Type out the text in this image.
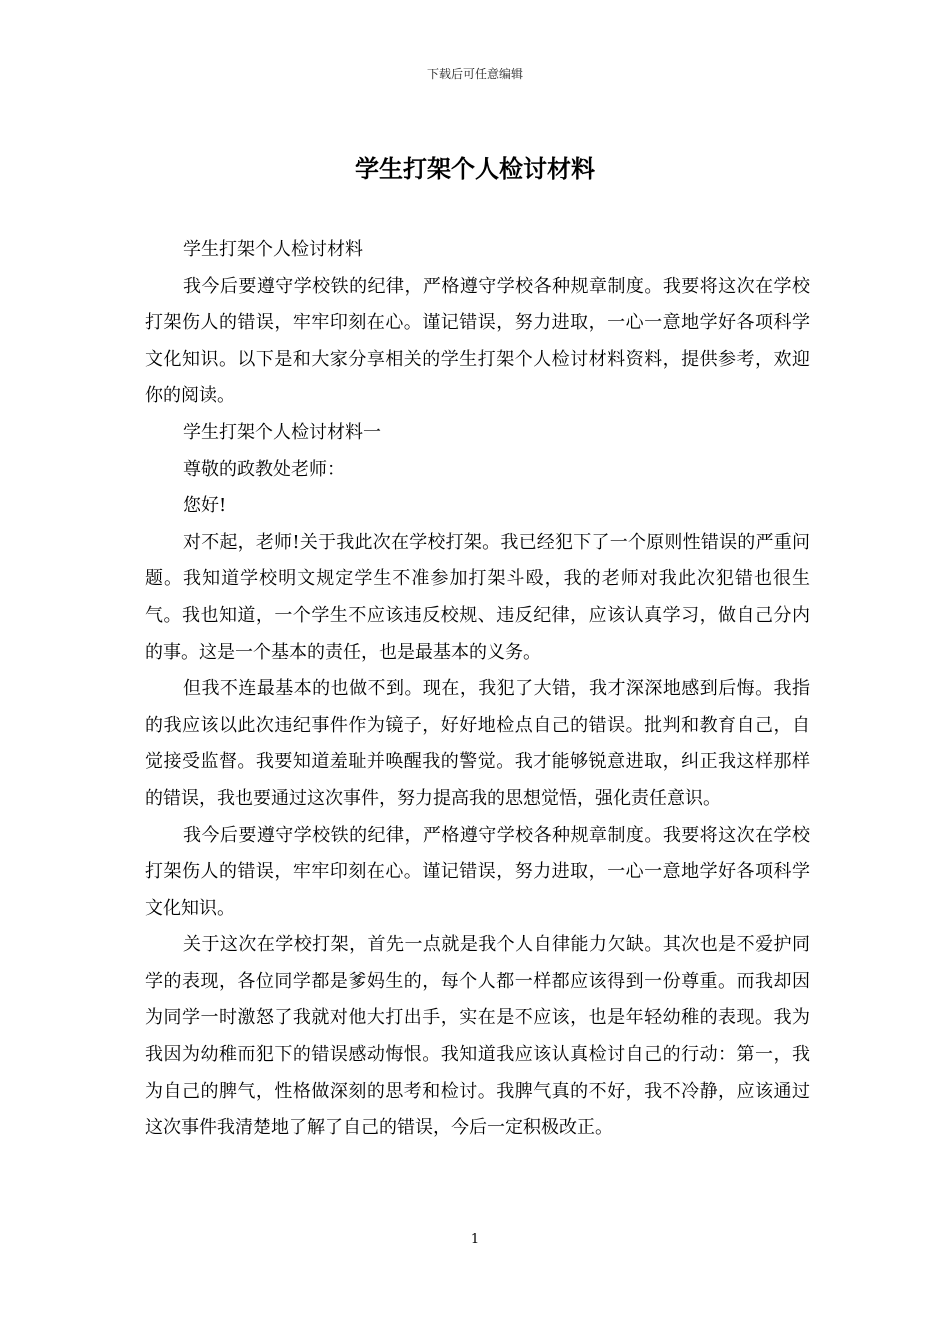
下载后可任意编辑
学生打架个人检讨材料

学生打架个人检讨材料

我今后要遵守学校铁的纪律，严格遵守学校各种规章制度。我要将这次在学校打架伤人的错误，牢牢印刻在心。谨记错误，努力进取，一心一意地学好各项科学文化知识。以下是和大家分享相关的学生打架个人检讨材料资料，提供参考，欢迎你的阅读。

学生打架个人检讨材料一

尊敬的政教处老师：

您好!

对不起，老师!关于我此次在学校打架。我已经犯下了一个原则性错误的严重问题。我知道学校明文规定学生不准参加打架斗殴，我的老师对我此次犯错也很生气。我也知道，一个学生不应该违反校规、违反纪律，应该认真学习，做自己分内的事。这是一个基本的责任，也是最基本的义务。

但我不连最基本的也做不到。现在，我犯了大错，我才深深地感到后悔。我指的我应该以此次违纪事件作为镜子，好好地检点自己的错误。批判和教育自己，自觉接受监督。我要知道羞耻并唤醒我的警觉。我才能够锐意进取，纠正我这样那样的错误，我也要通过这次事件，努力提高我的思想觉悟，强化责任意识。

我今后要遵守学校铁的纪律，严格遵守学校各种规章制度。我要将这次在学校打架伤人的错误，牢牢印刻在心。谨记错误，努力进取，一心一意地学好各项科学文化知识。

关于这次在学校打架，首先一点就是我个人自律能力欠缺。其次也是不爱护同学的表现，各位同学都是爹妈生的，每个人都一样都应该得到一份尊重。而我却因为同学一时激怒了我就对他大打出手，实在是不应该，也是年轻幼稚的表现。我为我因为幼稚而犯下的错误感动悔恨。我知道我应该认真检讨自己的行动：第一，我为自己的脾气，性格做深刻的思考和检讨。我脾气真的不好，我不冷静，应该通过这次事件我清楚地了解了自己的错误，今后一定积极改正。

1
